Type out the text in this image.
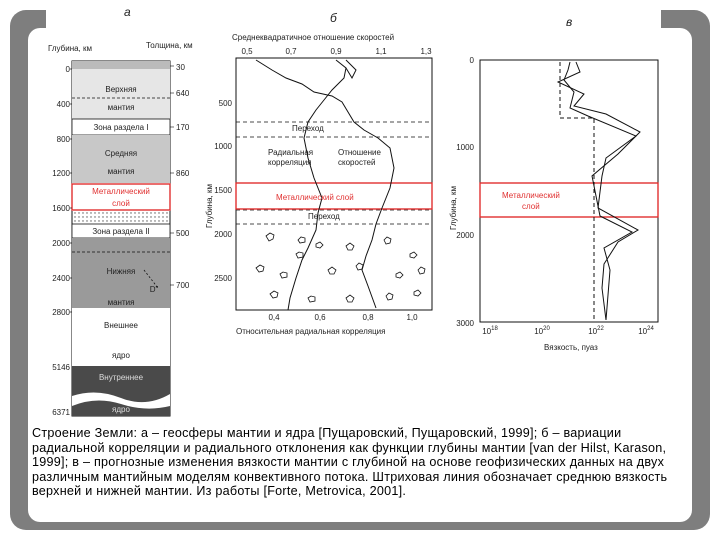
а
Глубина, км	Толщина, км
0
400
800
1200
1600
2000
2400
2800
5146
6371
30
640
170
860
500
700
Верхняя
мантия
Зона раздела I
Средняя
мантия
Металлический
слой
Зона раздела II
Нижняя
мантия
D"
Внешнее
ядро
Внутреннее
ядро
б
Среднеквадратичное отношение скоростей
0,5	0,7	0,9	1,1	1,3
500
1000
1500
2000
2500
Глубина, км
Переход
Переход
Радиальная
корреляция
Отношение
скоростей
Металлический слой
0,4	0,6	0,8	1,0
Относительная радиальная корреляция
в
0
1000
2000
3000
Глубина, км	Металлический
слой
$10^{18}$	$10^{20}$	$10^{22}$	$10^{24}$
Вязкость, пуаз

Строение Земли: а – геосферы мантии и ядра [Пущаровский, Пущаровский, 1999]; б – вариации радиальной корреляции и радиального отклонения как функции глубины мантии [van der Hilst, Karason, 1999]; в – прогнозные изменения вязкости мантии с глубиной на основе геофизических данных на двух различным мантийным моделям конвективного потока. Штриховая линия обозначает среднюю вязкость верхней и нижней мантии. Из работы [Forte, Metrovica, 2001].
